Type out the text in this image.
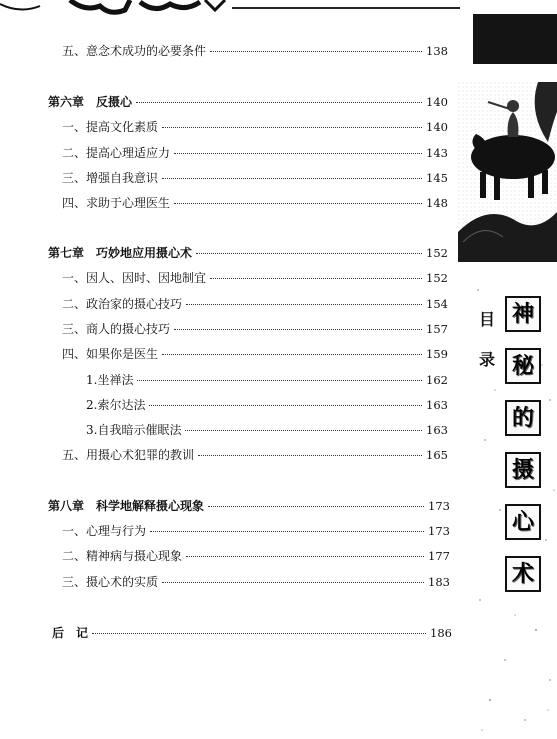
目
录
神
秘
的
摄
心
术
五、意念术成功的必要条件	138
第六章　反摄心	140
一、提高文化素质	140
二、提高心理适应力	143
三、增强自我意识	145
四、求助于心理医生	148
第七章　巧妙地应用摄心术	152
一、因人、因时、因地制宜	152
二、政治家的摄心技巧	154
三、商人的摄心技巧	157
四、如果你是医生	159
1.坐禅法	162
2.索尔达法	163
3.自我暗示催眠法	163
五、用摄心术犯罪的教训	165
第八章　科学地解释摄心现象	173
一、心理与行为	173
二、精神病与摄心现象	177
三、摄心术的实质	183
后　记	186
